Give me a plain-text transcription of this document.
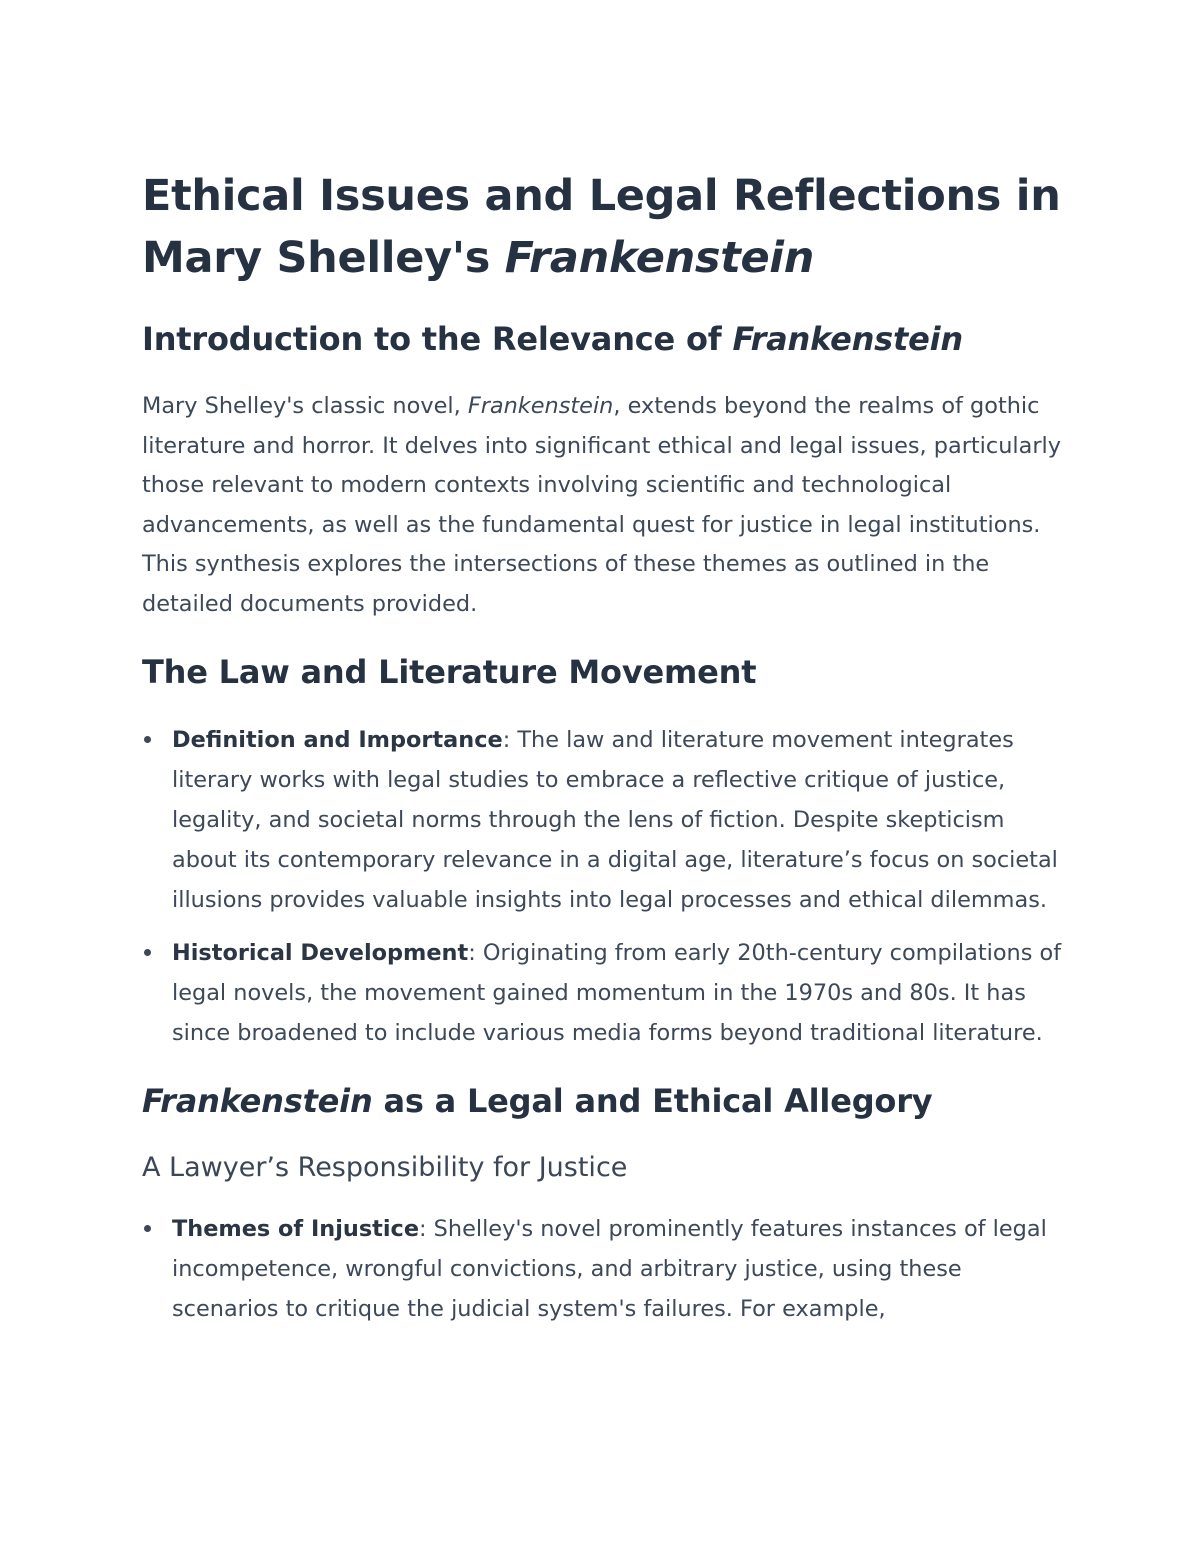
Ethical Issues and Legal Reflections in Mary Shelley's Frankenstein
Introduction to the Relevance of Frankenstein

Mary Shelley's classic novel, Frankenstein, extends beyond the realms of gothic literature and horror. It delves into significant ethical and legal issues, particularly those relevant to modern contexts involving scientific and technological advancements, as well as the fundamental quest for justice in legal institutions. This synthesis explores the intersections of these themes as outlined in the detailed documents provided.

The Law and Literature Movement
Definition and Importance: The law and literature movement integrates literary works with legal studies to embrace a reflective critique of justice, legality, and societal norms through the lens of fiction. Despite skepticism about its contemporary relevance in a digital age, literature’s focus on societal illusions provides valuable insights into legal processes and ethical dilemmas.
Historical Development: Originating from early 20th-century compilations of legal novels, the movement gained momentum in the 1970s and 80s. It has since broadened to include various media forms beyond traditional literature.
Frankenstein as a Legal and Ethical Allegory
A Lawyer’s Responsibility for Justice
Themes of Injustice: Shelley's novel prominently features instances of legal incompetence, wrongful convictions, and arbitrary justice, using these scenarios to critique the judicial system's failures. For example,
